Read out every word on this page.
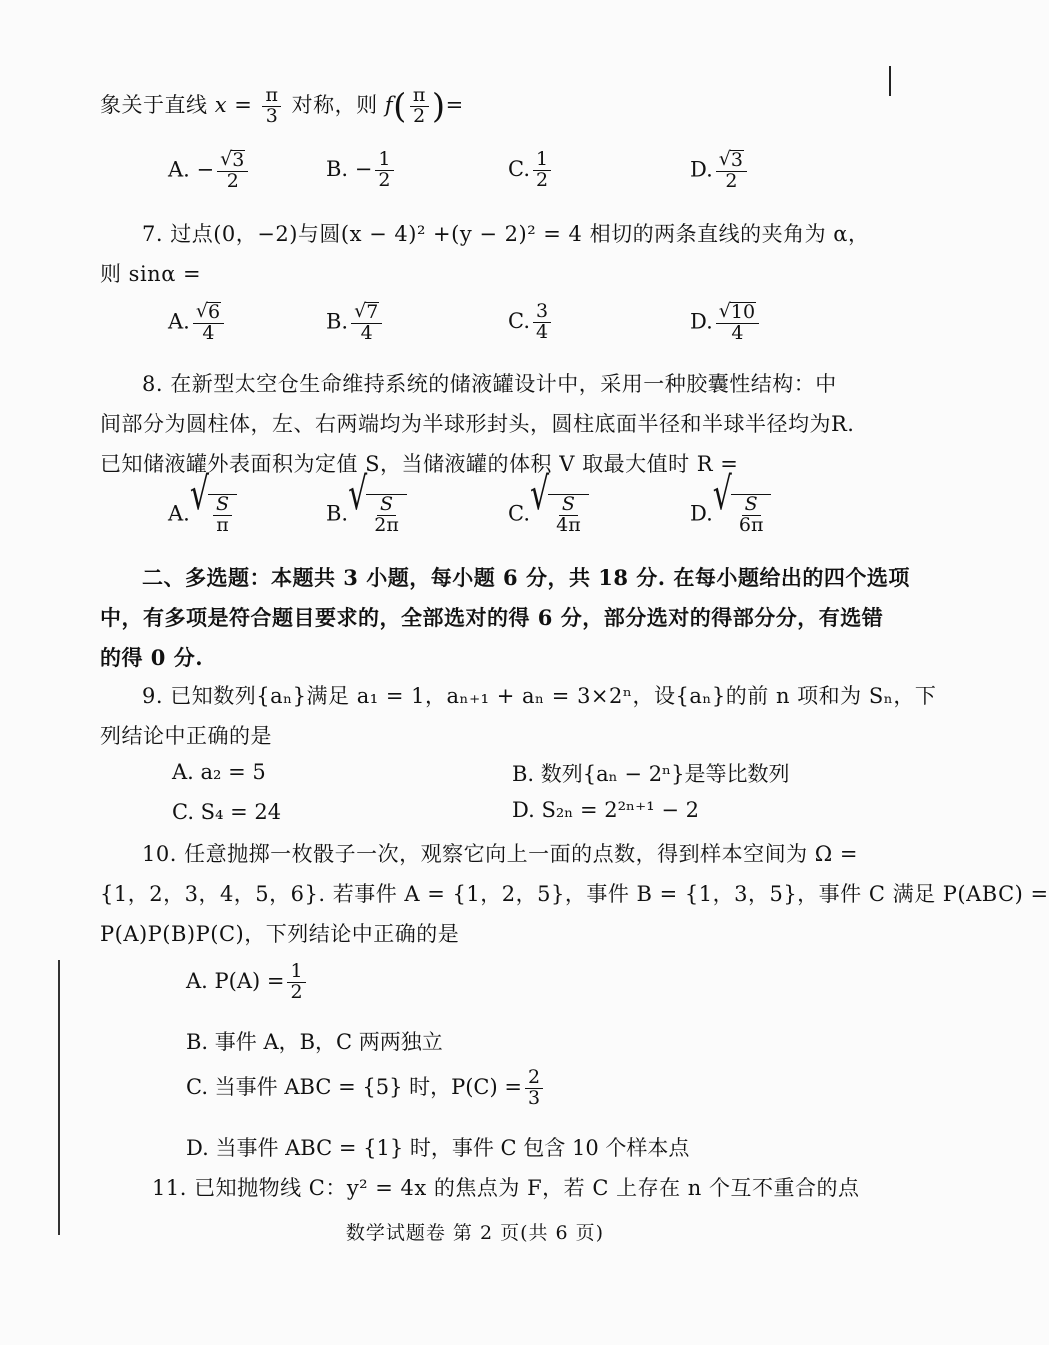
象关于直线 $x = \frac{\pi}{3}$ 对称，则 $f( \frac{\pi}{2}$ )=
A. − $\frac{√ 3}{2}$	B. − $\frac{1}{2}$	C. $\frac{1}{2}$	D. $\frac{√ 3}{2}$
7. 过点(0，−2)与圆(x − 4)² +(y − 2)² = 4 相切的两条直线的夹角为 α，
则 sinα =
A. $\frac{√ 6}{4}$	B. $\frac{√ 7}{4}$	C. $\frac{3}{4}$	D. $\frac{√ 10}{4}$
8. 在新型太空仓生命维持系统的储液罐设计中，采用一种胶囊性结构：中
间部分为圆柱体，左、右两端均为半球形封头，圆柱底面半径和半球半径均为R.
已知储液罐外表面积为定值 S，当储液罐的体积 V 取最大值时 R =
A. √ $\frac{S}{\pi}$	B. √ $\frac{S}{2\pi}$	C. √ $\frac{S}{4\pi}$	D. √ $\frac{S}{6\pi}$
二、多选题：本题共 3 小题，每小题 6 分，共 18 分. 在每小题给出的四个选项
中，有多项是符合题目要求的，全部选对的得 6 分，部分选对的得部分分，有选错
的得 0 分.
9. 已知数列{aₙ}满足 a₁ = 1，aₙ₊₁ + aₙ = 3×2ⁿ，设{aₙ}的前 n 项和为 Sₙ，下
列结论中正确的是
A. a₂ = 5	B. 数列{aₙ − 2ⁿ}是等比数列
C. S₄ = 24	D. S₂ₙ = 2²ⁿ⁺¹ − 2
10. 任意抛掷一枚骰子一次，观察它向上一面的点数，得到样本空间为 Ω =
{1，2，3，4，5，6}. 若事件 A = {1，2，5}，事件 B = {1，3，5}，事件 C 满足 P(ABC) =
P(A)P(B)P(C)，下列结论中正确的是
A. $P(A) = \frac{1}{2}$
B. 事件 A，B，C 两两独立
C. 当事件 ABC = {5} 时，$P(C) = \frac{2}{3}$
D. 当事件 ABC = {1} 时，事件 C 包含 10 个样本点
11. 已知抛物线 C：y² = 4x 的焦点为 F，若 C 上存在 n 个互不重合的点
数学试题卷 第 2 页(共 6 页)
